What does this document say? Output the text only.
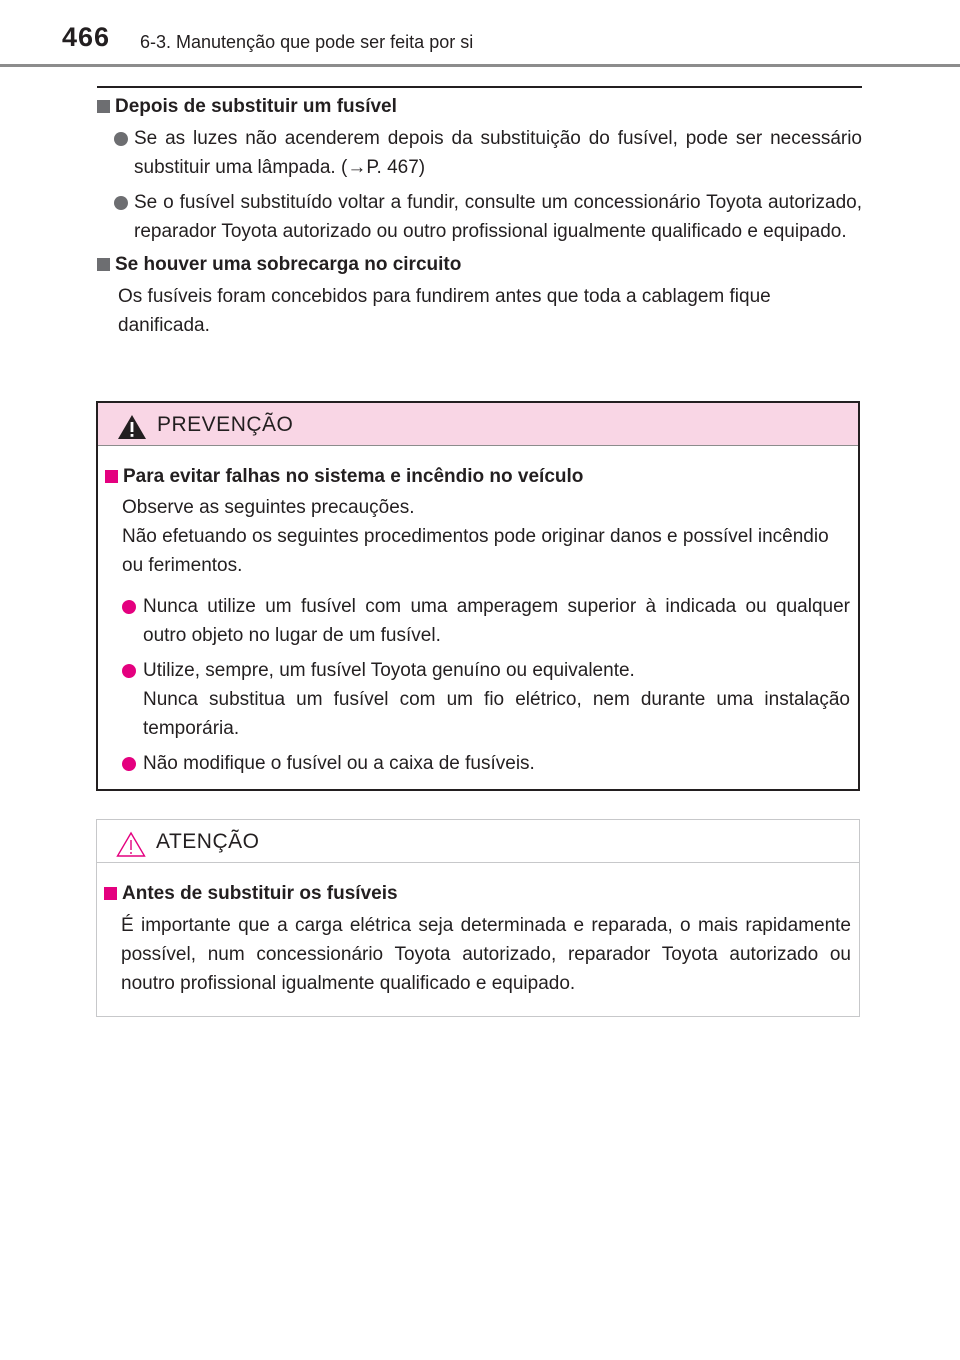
466 6-3. Manutenção que pode ser feita por si
Depois de substituir um fusível
Se as luzes não acenderem depois da substituição do fusível, pode ser necessário substituir uma lâmpada. (→P. 467)
Se o fusível substituído voltar a fundir, consulte um concessionário Toyota autorizado, reparador Toyota autorizado ou outro profissional igualmente qualificado e equipado.
Se houver uma sobrecarga no circuito
Os fusíveis foram concebidos para fundirem antes que toda a cablagem fique danificada.
PREVENÇÃO
Para evitar falhas no sistema e incêndio no veículo
Observe as seguintes precauções.
Não efetuando os seguintes procedimentos pode originar danos e possível incêndio ou ferimentos.
Nunca utilize um fusível com uma amperagem superior à indicada ou qualquer outro objeto no lugar de um fusível.
Utilize, sempre, um fusível Toyota genuíno ou equivalente.
Nunca substitua um fusível com um fio elétrico, nem durante uma instalação temporária.
Não modifique o fusível ou a caixa de fusíveis.
ATENÇÃO
Antes de substituir os fusíveis
É importante que a carga elétrica seja determinada e reparada, o mais rapidamente possível, num concessionário Toyota autorizado, reparador Toyota autorizado ou noutro profissional igualmente qualificado e equipado.
